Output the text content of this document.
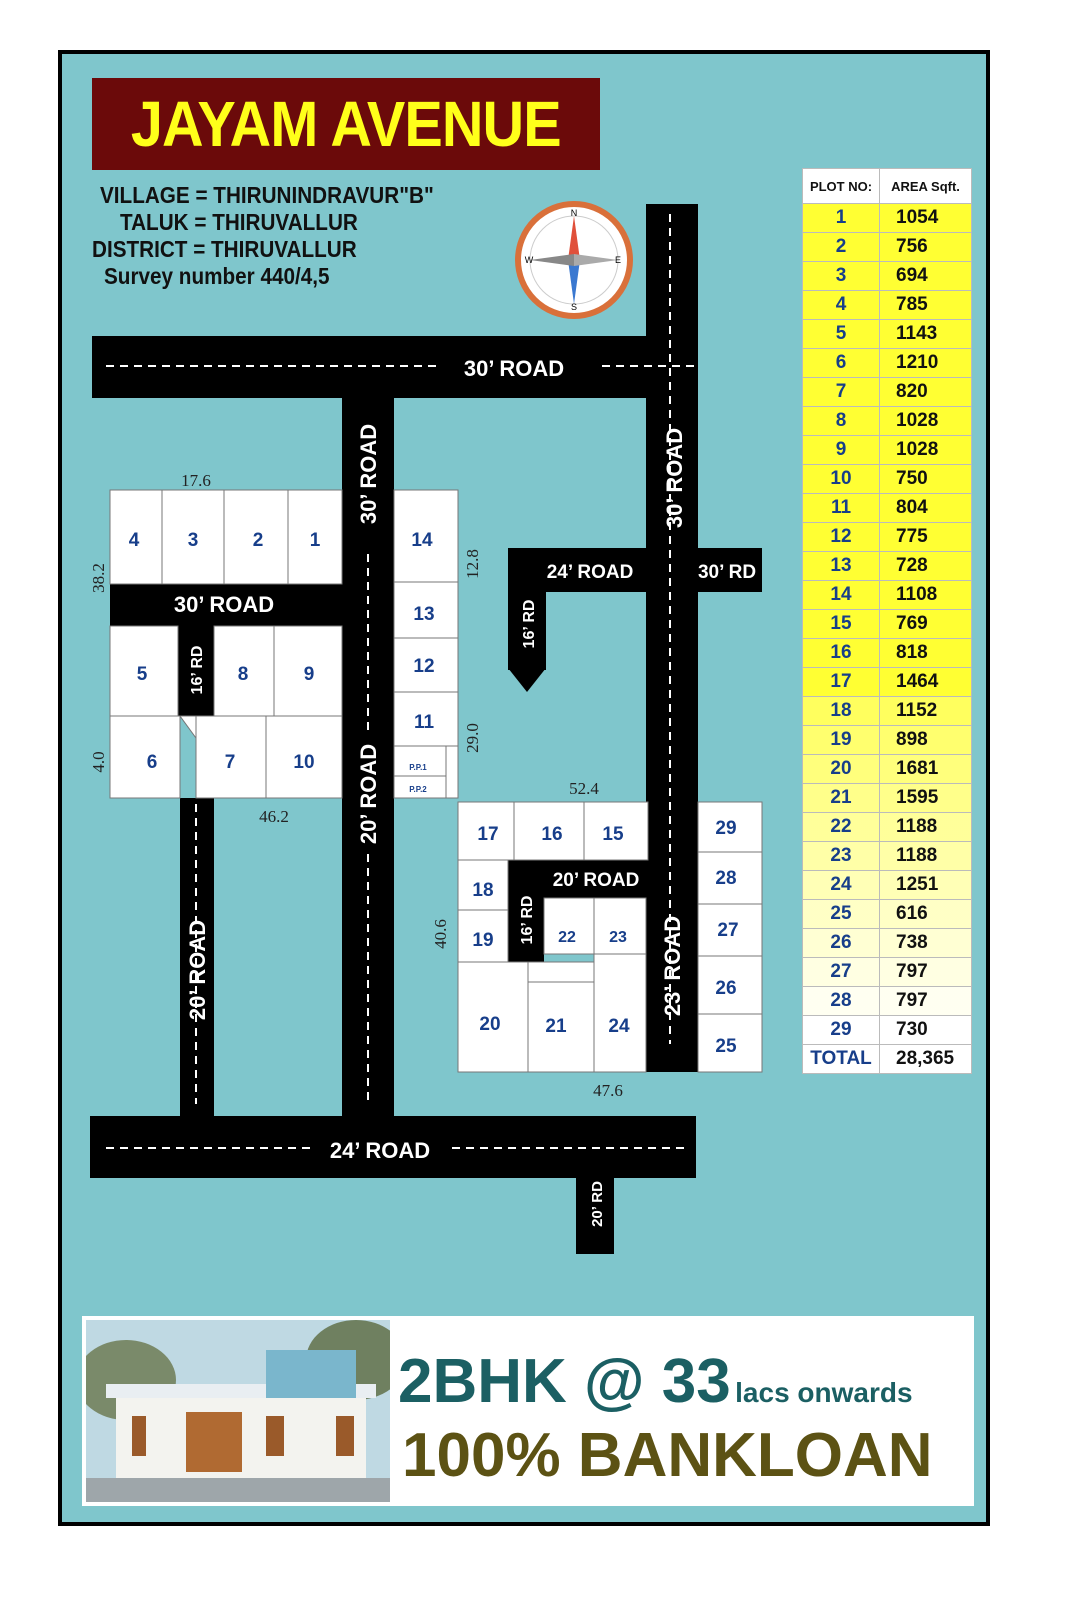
30’ ROAD
30’ ROAD	30’ ROAD
30’ ROAD
16’ RD
16’ RD
16’ RD
24’ ROAD	30’ RD
20’ ROAD
20’ ROAD
20’ ROAD	23’ ROAD
24’ ROAD
20’ RD
4	3	2 1
5	8	9
6	7	10
14
13
12
11
P.P.1
P.P.2
17 16 15
18
19
20 21
22 23
24
29
28
27
26
25
17.6
38.2
4.0
46.2
12.8
29.0
52.4
40.6
47.6
JAYAM AVENUE
VILLAGE = THIRUNINDRAVUR"B"
TALUK = THIRUVALLUR
DISTRICT = THIRUVALLUR
Survey number 440/4,5
N
S
E
W
PLOT NO:	AREA Sqft.
1	1054
2	756
3	694
4	785
5	1143
6	1210
7	820
8	1028
9	1028
10	750
11	804
12	775
13	728
14	1108
15	769
16	818
17	1464
18	1152
19	898
20	1681
21	1595
22	1188
23	1188
24	1251
25	616
26	738
27	797
28	797
29	730
TOTAL	28,365
2BHK @ 33 lacs onwards
100% BANKLOAN
